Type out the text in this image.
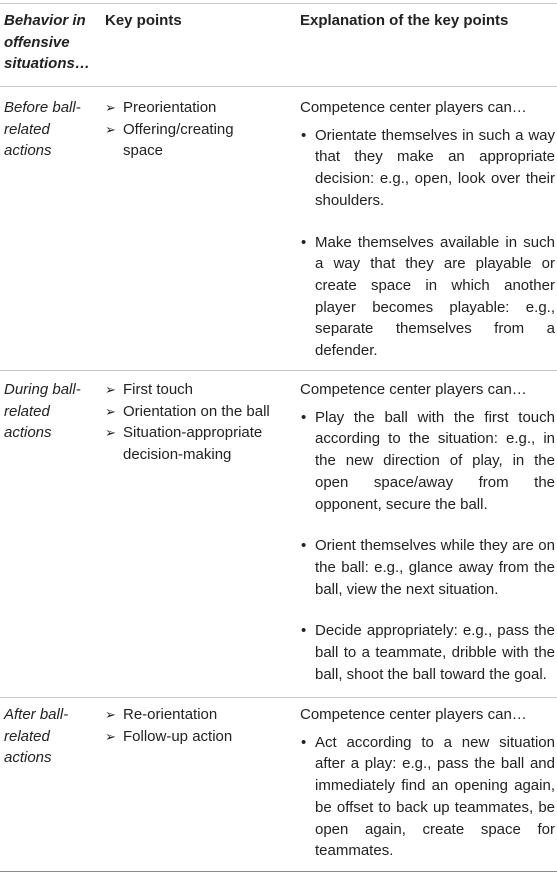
Behavior in offensive situations…
Key points	Explanation of the key points
Before ball-related actions
➢ Preorientation
➢ Offering/creating space

Competence center players can…

• Orientate themselves in such a way that they make an appropriate decision: e.g., open, look over their shoulders.
• Make themselves available in such a way that they are playable or create space in which another player becomes playable: e.g., separate themselves from a defender.
During ball-related actions
➢ First touch
➢ Orientation on the ball
➢ Situation-appropriate decision-making

Competence center players can…

• Play the ball with the first touch according to the situation: e.g., in the new direction of play, in the open space/away from the opponent, secure the ball.
• Orient themselves while they are on the ball: e.g., glance away from the ball, view the next situation.
• Decide appropriately: e.g., pass the ball to a teammate, dribble with the ball, shoot the ball toward the goal.
After ball-related actions
➢ Re-orientation
➢ Follow-up action

Competence center players can…

• Act according to a new situation after a play: e.g., pass the ball and immediately find an opening again, be offset to back up teammates, be open again, create space for teammates.
